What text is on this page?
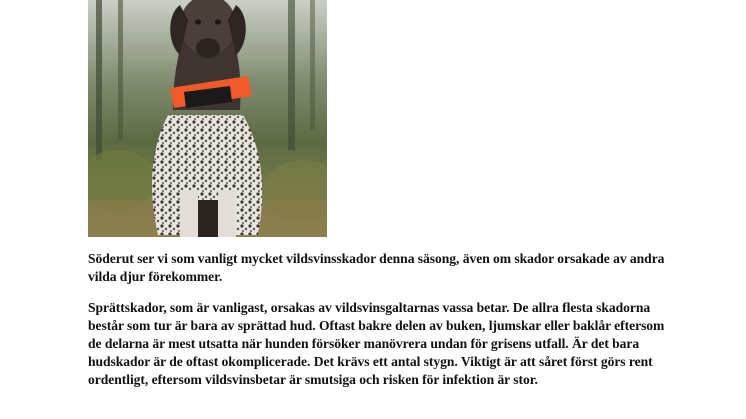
Söderut ser vi som vanligt mycket vildsvinsskador denna säsong, även om skador orsakade av andra vilda djur förekommer.

Sprättskador, som är vanligast, orsakas av vildsvinsgaltarnas vassa betar. De allra flesta skadorna består som tur är bara av sprättad hud. Oftast bakre delen av buken, ljumskar eller baklår eftersom de delarna är mest utsatta när hunden försöker manövrera undan för grisens utfall. Är det bara hudskador är de oftast okomplicerade. Det krävs ett antal stygn. Viktigt är att såret först görs rent ordentligt, eftersom vildsvinsbetar är smutsiga och risken för infektion är stor.
